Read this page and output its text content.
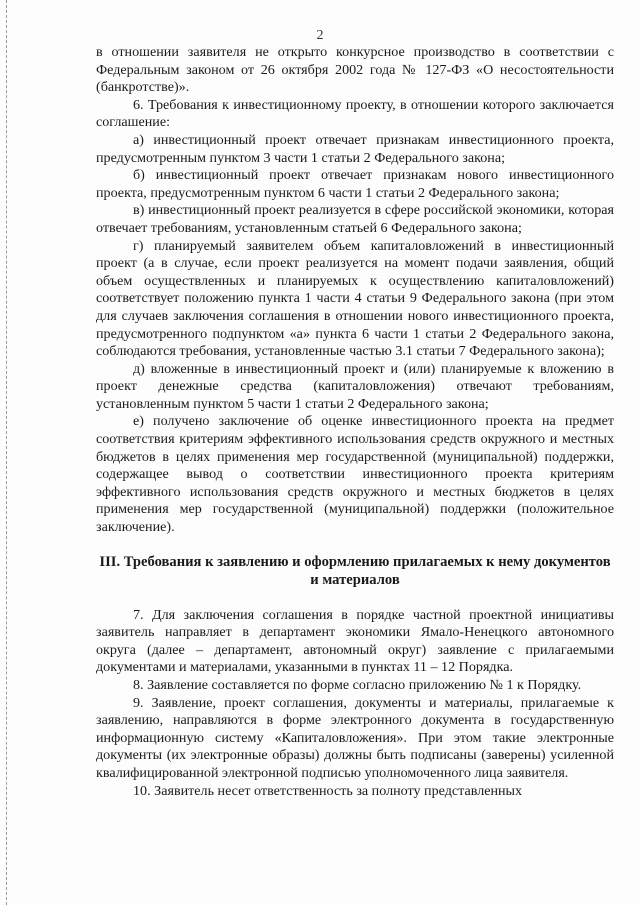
2

в отношении заявителя не открыто конкурсное производство в соответствии с Федеральным законом от 26 октября 2002 года № 127-ФЗ «О несостоятельности (банкротстве)».

6. Требования к инвестиционному проекту, в отношении которого заключается соглашение:

а) инвестиционный проект отвечает признакам инвестиционного проекта, предусмотренным пунктом 3 части 1 статьи 2 Федерального закона;

б) инвестиционный проект отвечает признакам нового инвестиционного проекта, предусмотренным пунктом 6 части 1 статьи 2 Федерального закона;

в) инвестиционный проект реализуется в сфере российской экономики, которая отвечает требованиям, установленным статьей 6 Федерального закона;

г) планируемый заявителем объем капиталовложений в инвестиционный проект (а в случае, если проект реализуется на момент подачи заявления, общий объем осуществленных и планируемых к осуществлению капиталовложений) соответствует положению пункта 1 части 4 статьи 9 Федерального закона (при этом для случаев заключения соглашения в отношении нового инвестиционного проекта, предусмотренного подпунктом «а» пункта 6 части 1 статьи 2 Федерального закона, соблюдаются требования, установленные частью 3.1 статьи 7 Федерального закона);

д) вложенные в инвестиционный проект и (или) планируемые к вложению в проект денежные средства (капиталовложения) отвечают требованиям, установленным пунктом 5 части 1 статьи 2 Федерального закона;

е) получено заключение об оценке инвестиционного проекта на предмет соответствия критериям эффективного использования средств окружного и местных бюджетов в целях применения мер государственной (муниципальной) поддержки, содержащее вывод о соответствии инвестиционного проекта критериям эффективного использования средств окружного и местных бюджетов в целях применения мер государственной (муниципальной) поддержки (положительное заключение).

III. Требования к заявлению и оформлению прилагаемых к нему документов и материалов

7. Для заключения соглашения в порядке частной проектной инициативы заявитель направляет в департамент экономики Ямало-Ненецкого автономного округа (далее – департамент, автономный округ) заявление с прилагаемыми документами и материалами, указанными в пунктах 11 – 12 Порядка.

8. Заявление составляется по форме согласно приложению № 1 к Порядку.

9. Заявление, проект соглашения, документы и материалы, прилагаемые к заявлению, направляются в форме электронного документа в государственную информационную систему «Капиталовложения». При этом такие электронные документы (их электронные образы) должны быть подписаны (заверены) усиленной квалифицированной электронной подписью уполномоченного лица заявителя.

10. Заявитель несет ответственность за полноту представленных
